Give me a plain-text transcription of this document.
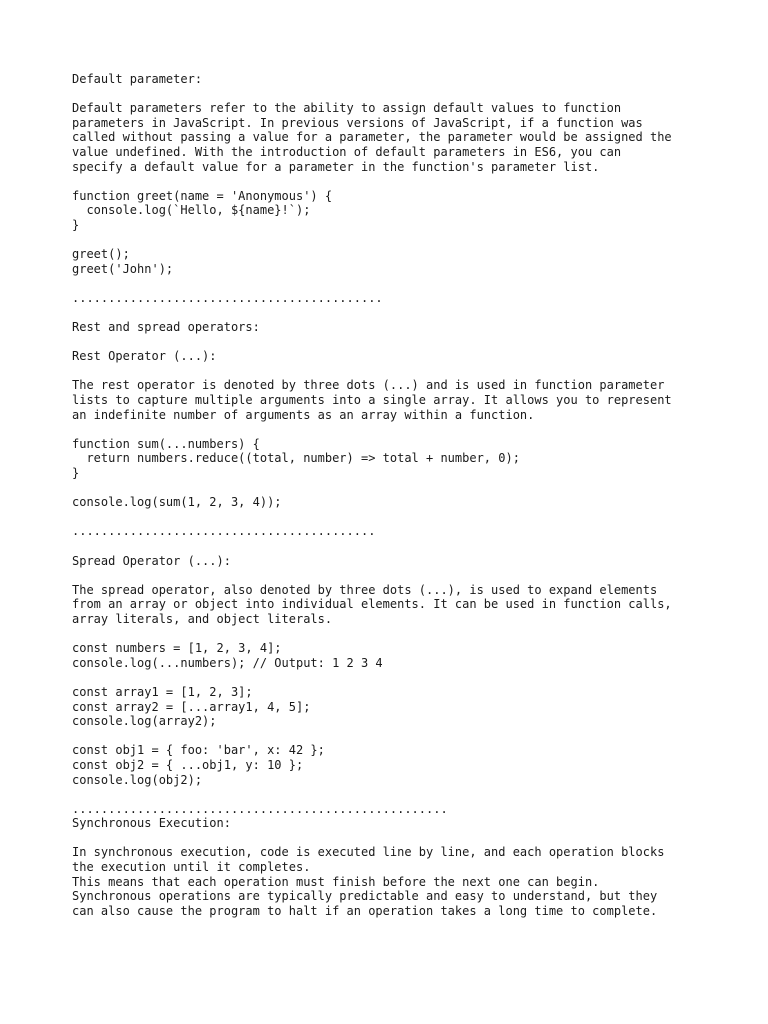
Default parameter:

Default parameters refer to the ability to assign default values to function
parameters in JavaScript. In previous versions of JavaScript, if a function was
called without passing a value for a parameter, the parameter would be assigned the
value undefined. With the introduction of default parameters in ES6, you can
specify a default value for a parameter in the function's parameter list.

function greet(name = 'Anonymous') {
console.log(`Hello, ${name}!`);
}
greet();
greet('John');

...........................................

Rest and spread operators:

Rest Operator (...):

The rest operator is denoted by three dots (...) and is used in function parameter
lists to capture multiple arguments into a single array. It allows you to represent
an indefinite number of arguments as an array within a function.

function sum(...numbers) {
return numbers.reduce((total, number) => total + number, 0);
}
console.log(sum(1, 2, 3, 4));

..........................................

Spread Operator (...):

The spread operator, also denoted by three dots (...), is used to expand elements
from an array or object into individual elements. It can be used in function calls,
array literals, and object literals.

const numbers = [1, 2, 3, 4];
console.log(...numbers); // Output: 1 2 3 4
const array1 = [1, 2, 3];
const array2 = [...array1, 4, 5];
console.log(array2);
const obj1 = { foo: 'bar', x: 42 };
const obj2 = { ...obj1, y: 10 };
console.log(obj2);

....................................................

Synchronous Execution:

In synchronous execution, code is executed line by line, and each operation blocks
the execution until it completes.
This means that each operation must finish before the next one can begin.
Synchronous operations are typically predictable and easy to understand, but they
can also cause the program to halt if an operation takes a long time to complete.
